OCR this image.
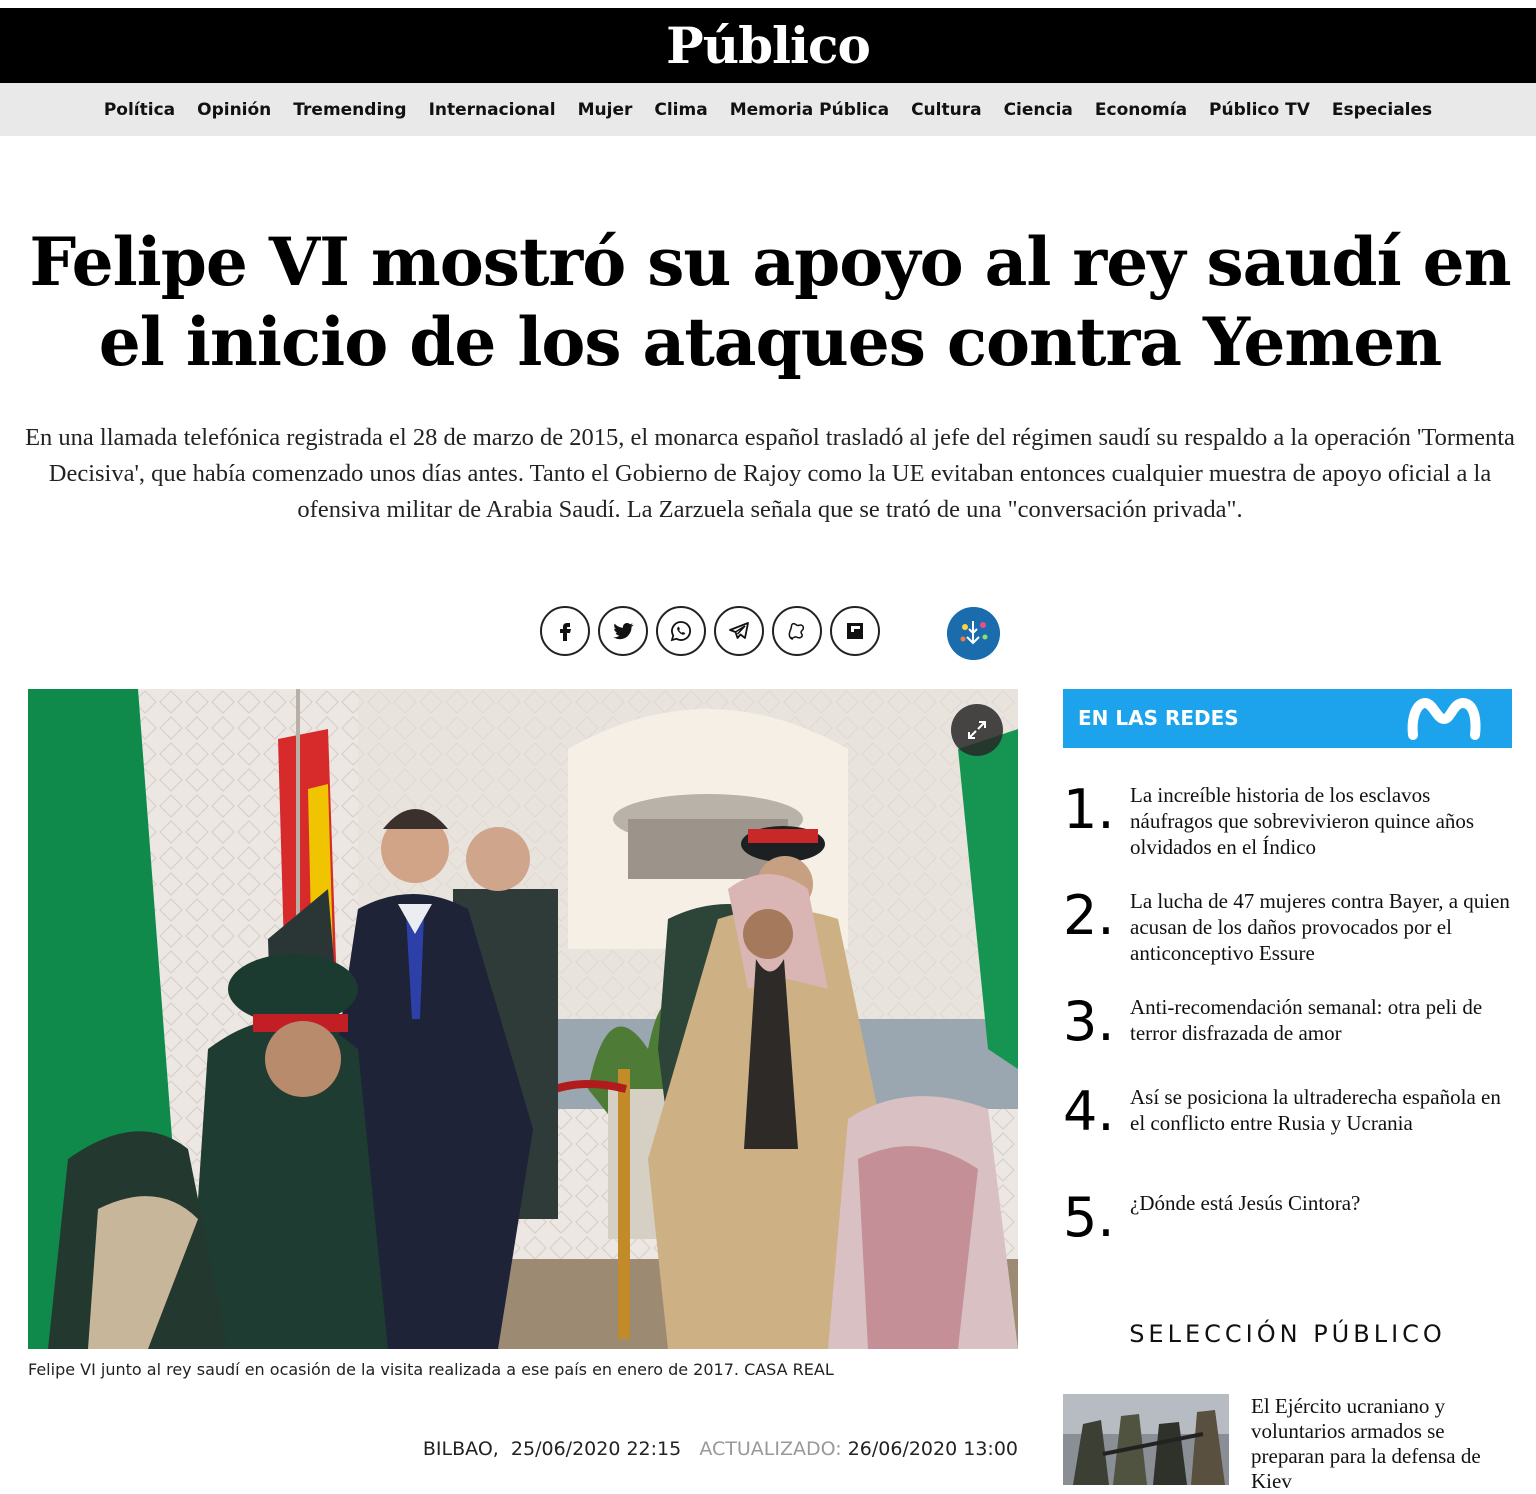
Público
Política Opinión Tremending Internacional Mujer Clima Memoria Pública Cultura Ciencia Economía Público TV Especiales
Felipe VI mostró su apoyo al rey saudí en el inicio de los ataques contra Yemen

En una llamada telefónica registrada el 28 de marzo de 2015, el monarca español trasladó al jefe del régimen saudí su respaldo a la operación 'Tormenta Decisiva', que había comenzado unos días antes. Tanto el Gobierno de Rajoy como la UE evitaban entonces cualquier muestra de apoyo oficial a la ofensiva militar de Arabia Saudí. La Zarzuela señala que se trató de una "conversación privada".

Felipe VI junto al rey saudí en ocasión de la visita realizada a ese país en enero de 2017. CASA REAL
BILBAO, 25/06/2020 22:15 ACTUALIZADO: 26/06/2020 13:00
EN LAS REDES
1. La increíble historia de los esclavos náufragos que sobrevivieron quince años olvidados en el Índico
2. La lucha de 47 mujeres contra Bayer, a quien acusan de los daños provocados por el anticonceptivo Essure
3. Anti-recomendación semanal: otra peli de terror disfrazada de amor
4. Así se posiciona la ultraderecha española en el conflicto entre Rusia y Ucrania
5. ¿Dónde está Jesús Cintora?
SELECCIÓN PÚBLICO
El Ejército ucraniano y voluntarios armados se preparan para la defensa de Kiev
